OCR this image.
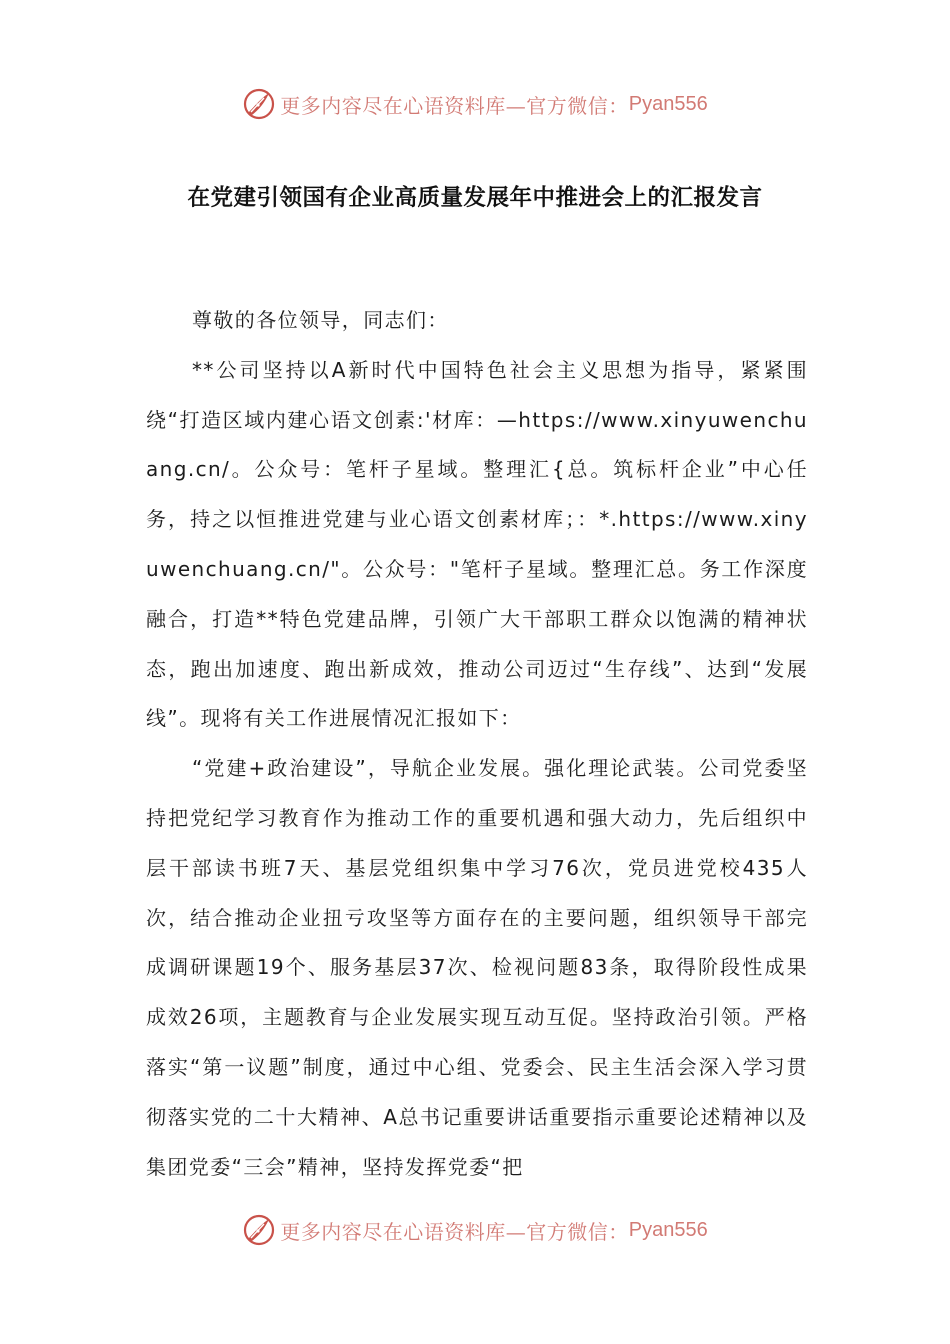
更多内容尽在心语资料库—官方微信： Pyan556
在党建引领国有企业高质量发展年中推进会上的汇报发言

尊敬的各位领导，同志们：

**公司坚持以A新时代中国特色社会主义思想为指导，紧紧围绕“打造区域内建心语文创素:'材库：—https://www.xinyuwenchuang.cn/。公众号：笔杆子星域。整理汇{总。筑标杆企业”中心任务，持之以恒推进党建与业心语文创素材库；：*.https://www.xinyuwenchuang.cn/"。公众号："笔杆子星域。整理汇总。务工作深度融合，打造**特色党建品牌，引领广大干部职工群众以饱满的精神状态，跑出加速度、跑出新成效，推动公司迈过“生存线”、达到“发展线”。现将有关工作进展情况汇报如下：

“党建+政治建设”，导航企业发展。强化理论武装。公司党委坚持把党纪学习教育作为推动工作的重要机遇和强大动力，先后组织中层干部读书班7天、基层党组织集中学习76次，党员进党校435人次，结合推动企业扭亏攻坚等方面存在的主要问题，组织领导干部完成调研课题19个、服务基层37次、检视问题83条，取得阶段性成果成效26项，主题教育与企业发展实现互动互促。坚持政治引领。严格落实“第一议题”制度，通过中心组、党委会、民主生活会深入学习贯彻落实党的二十大精神、A总书记重要讲话重要指示重要论述精神以及集团党委“三会”精神，坚持发挥党委“把

更多内容尽在心语资料库—官方微信： Pyan556
